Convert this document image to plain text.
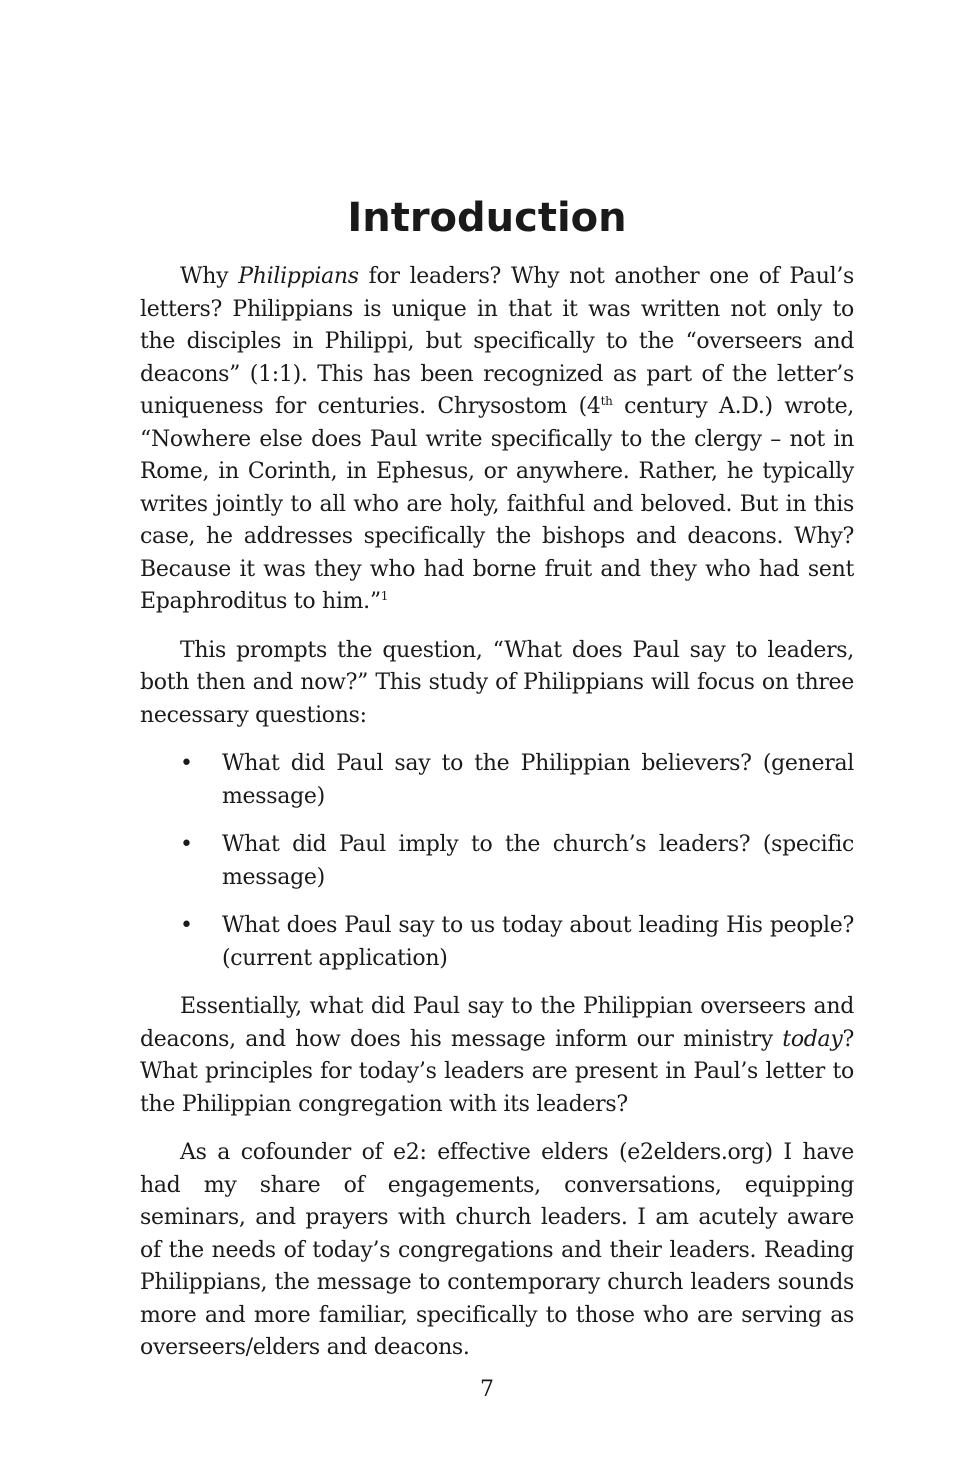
Introduction

Why Philippians for leaders? Why not another one of Paul’s letters? Philippians is unique in that it was written not only to the disciples in Philippi, but specifically to the “overseers and deacons” (1:1). This has been recognized as part of the letter’s uniqueness for centuries. Chrysostom (4th century A.D.) wrote, “Nowhere else does Paul write specifically to the clergy – not in Rome, in Corinth, in Ephesus, or anywhere. Rather, he typically writes jointly to all who are holy, faithful and beloved. But in this case, he addresses specifically the bishops and deacons. Why? Because it was they who had borne fruit and they who had sent Epaphroditus to him.”$^1$

This prompts the question, “What does Paul say to leaders, both then and now?” This study of Philippians will focus on three necessary questions:

• What did Paul say to the Philippian believers? (general message)
• What did Paul imply to the church’s leaders? (specific message)
• What does Paul say to us today about leading His people? (current application)

Essentially, what did Paul say to the Philippian overseers and deacons, and how does his message inform our ministry today? What principles for today’s leaders are present in Paul’s letter to the Philippian congregation with its leaders?

As a cofounder of e2: effective elders (e2elders.org) I have had my share of engagements, conversations, equipping seminars, and prayers with church leaders. I am acutely aware of the needs of today’s congregations and their leaders. Reading Philippians, the message to contemporary church leaders sounds more and more familiar, specifically to those who are serving as overseers/elders and deacons.

7
